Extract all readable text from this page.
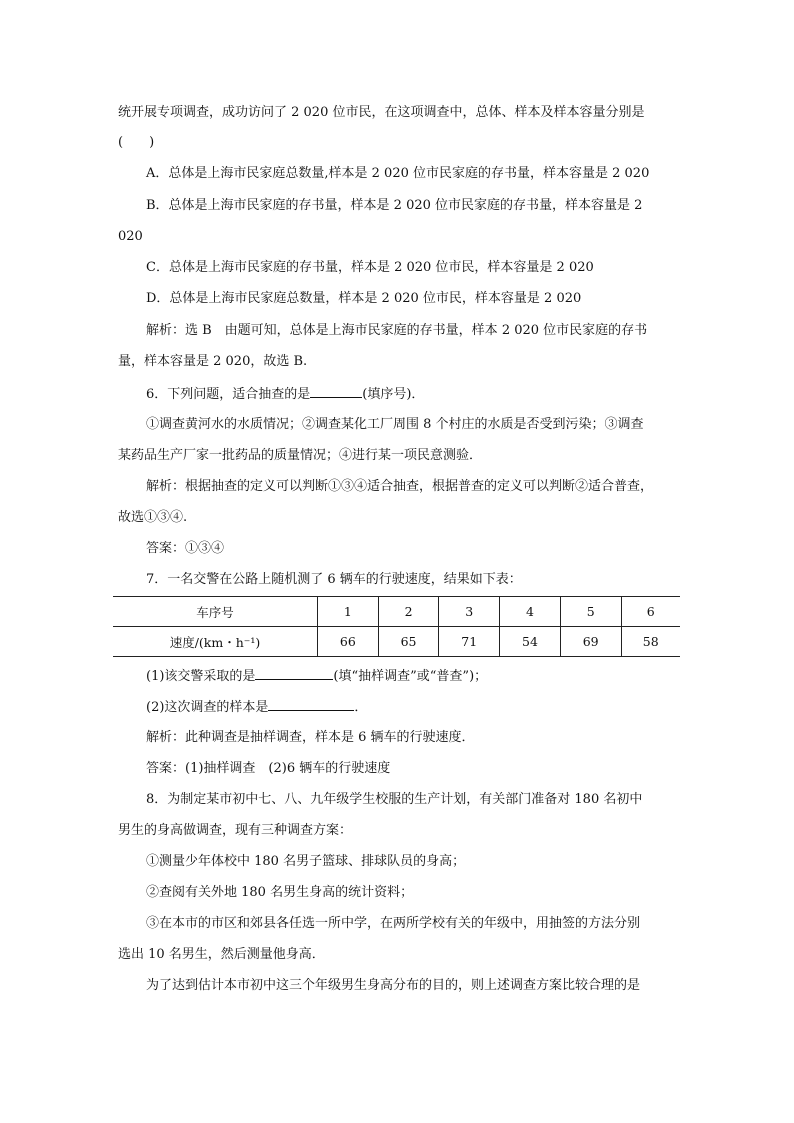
统开展专项调查，成功访问了 2 020 位市民，在这项调查中，总体、样本及样本容量分别是
(　　)
A．总体是上海市民家庭总数量,样本是 2 020 位市民家庭的存书量，样本容量是 2 020
B．总体是上海市民家庭的存书量，样本是 2 020 位市民家庭的存书量，样本容量是 2
020
C．总体是上海市民家庭的存书量，样本是 2 020 位市民，样本容量是 2 020
D．总体是上海市民家庭总数量，样本是 2 020 位市民，样本容量是 2 020
解析：选 B　由题可知，总体是上海市民家庭的存书量，样本 2 020 位市民家庭的存书
量，样本容量是 2 020，故选 B.
6．下列问题，适合抽查的是	(填序号)．
①调查黄河水的水质情况；②调查某化工厂周围 8 个村庄的水质是否受到污染；③调查
某药品生产厂家一批药品的质量情况；④进行某一项民意测验．
解析：根据抽查的定义可以判断①③④适合抽查，根据普查的定义可以判断②适合普查，
故选①③④.
答案：①③④
7．一名交警在公路上随机测了 6 辆车的行驶速度，结果如下表：
车序号	1	2	3	4	5	6
速度/(km・h⁻¹)	66	65	71	54	69	58
(1)该交警采取的是	(填“抽样调查”或“普查”)；
(2)这次调查的样本是	．
解析：此种调查是抽样调查，样本是 6 辆车的行驶速度．
答案：(1)抽样调查　(2)6 辆车的行驶速度
8．为制定某市初中七、八、九年级学生校服的生产计划，有关部门准备对 180 名初中
男生的身高做调查，现有三种调查方案：
①测量少年体校中 180 名男子篮球、排球队员的身高；
②查阅有关外地 180 名男生身高的统计资料；
③在本市的市区和郊县各任选一所中学，在两所学校有关的年级中，用抽签的方法分别
选出 10 名男生，然后测量他身高．
为了达到估计本市初中这三个年级男生身高分布的目的，则上述调查方案比较合理的是
